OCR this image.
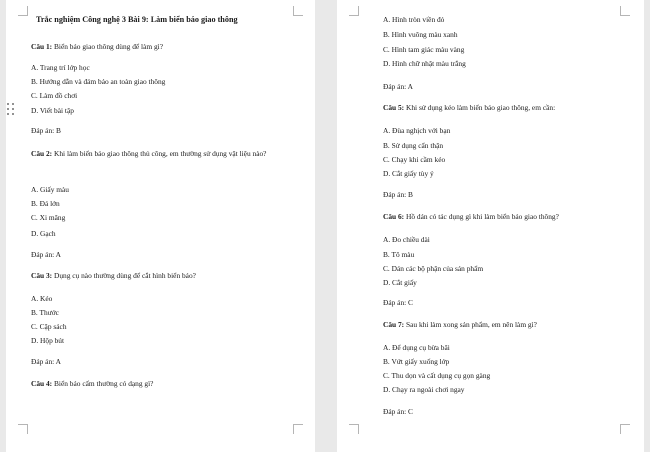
Trắc nghiệm Công nghệ 3 Bài 9: Làm biển báo giao thông
Câu 1: Biển báo giao thông dùng để làm gì?
A. Trang trí lớp học
B. Hướng dẫn và đảm bảo an toàn giao thông
C. Làm đồ chơi
D. Viết bài tập
Đáp án: B
Câu 2: Khi làm biển báo giao thông thủ công, em thường sử dụng vật liệu nào?
A. Giấy màu
B. Đá lớn
C. Xi măng
D. Gạch
Đáp án: A
Câu 3: Dụng cụ nào thường dùng để cắt hình biển báo?
A. Kéo
B. Thước
C. Cặp sách
D. Hộp bút
Đáp án: A
Câu 4: Biển báo cấm thường có dạng gì?
A. Hình tròn viền đỏ
B. Hình vuông màu xanh
C. Hình tam giác màu vàng
D. Hình chữ nhật màu trắng
Đáp án: A
Câu 5: Khi sử dụng kéo làm biển báo giao thông, em cần:
A. Đùa nghịch với bạn
B. Sử dụng cẩn thận
C. Chạy khi cầm kéo
D. Cắt giấy tùy ý
Đáp án: B
Câu 6: Hồ dán có tác dụng gì khi làm biển báo giao thông?
A. Đo chiều dài
B. Tô màu
C. Dán các bộ phận của sản phẩm
D. Cắt giấy
Đáp án: C
Câu 7: Sau khi làm xong sản phẩm, em nên làm gì?
A. Để dụng cụ bừa bãi
B. Vứt giấy xuống lớp
C. Thu dọn và cất dụng cụ gọn gàng
D. Chạy ra ngoài chơi ngay
Đáp án: C
